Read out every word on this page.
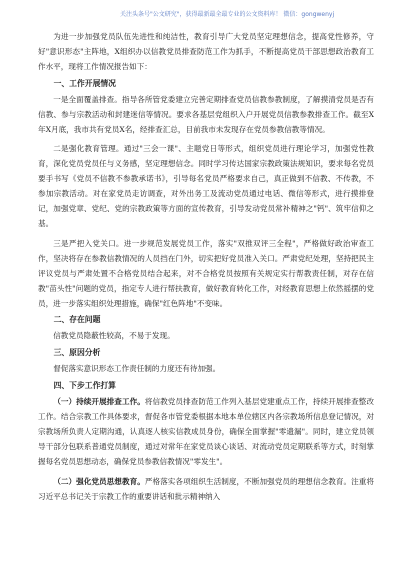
关注头条号"公文研究"，获得最新最全最专业的公文资料库！ 微信：gongwenyj

为进一步加强党员队伍先进性和纯洁性，教育引导广大党员坚定理想信念，提高党性修养，守好"意识形态"主阵地，X组织办以信教党员排查防范工作为抓手，不断提高党员干部思想政治教育工作水平，现将工作情况报告如下：

一、工作开展情况

一是全面覆盖排查。指导各所管党委建立完善定期排查党员信教参教制度，了解摸清党员是否有信教、参与宗教活动和封建迷信等情况。要求各基层党组织入户开展党员信教参教排查工作。截至X年X月底，我市共有党员X名，经排查汇总，目前我市未发现存在党员参教信教等情况。

二是强化教育管理。通过"三会一课"、主题党日等形式，组织党员进行理论学习，加强党性教育，深化党员党员任与义务感，坚定理想信念。同时学习传达国家宗教政策法规知识，要求每名党员要手书写《党员不信教不参教承诺书》，引导每名党员严格要求自己，真正做到不信教、不传教，不参加宗教活动。对在家党员走访调查，对外出务工及流动党员通过电话、微信等形式，进行摸排登记，加强党章、党纪、党的宗教政策等方面的宣传教育，引导发动党员常补精神之"钙"、筑牢信仰之基。

三是严把入党关口。进一步规范发展党员工作，落实"双推双评三全程"，严格做好政治审查工作，坚决将存在参教信教情况的人员挡在门外，切实把好党员准入关口。严肃党纪处理，坚持把民主评议党员与严肃处置不合格党员结合起来，对不合格党员按照有关规定实行帮教责任制，对存在信教"苗头性"问题的党员，指定专人进行帮扶教育，做好教育转化工作，对经教育思想上依然摇摆的党员，进一步落实组织处理措施，确保"红色阵地"不变味。

二、存在问题

信教党员隐蔽性较高，不易于发现。

三、原因分析

督促落实意识形态工作责任制的力度还有待加强。

四、下步工作打算

（一）持续开展排查工作。将信教党员排查防范工作列入基层党建重点工作，持续开展排查整改工作。结合宗教工作具体要求，督促各市管党委根据本地本单位辖区内各宗教场所信息登记情况，对宗教场所负责人定期沟通，认真逐人核实信教成员身份，确保全面掌握"零遗漏"。同时，建立党员领导干部分包联系普通党员制度，通过对常年在家党员谈心谈话、对流动党员定期联系等方式，时刻掌握每名党员思想动态，确保党员参教信教情况"零发生"。

（二）强化党员思想教育。严格落实各项组织生活制度，不断加强党员的理想信念教育。注重将习近平总书记关于宗教工作的重要讲话和批示精神纳入
